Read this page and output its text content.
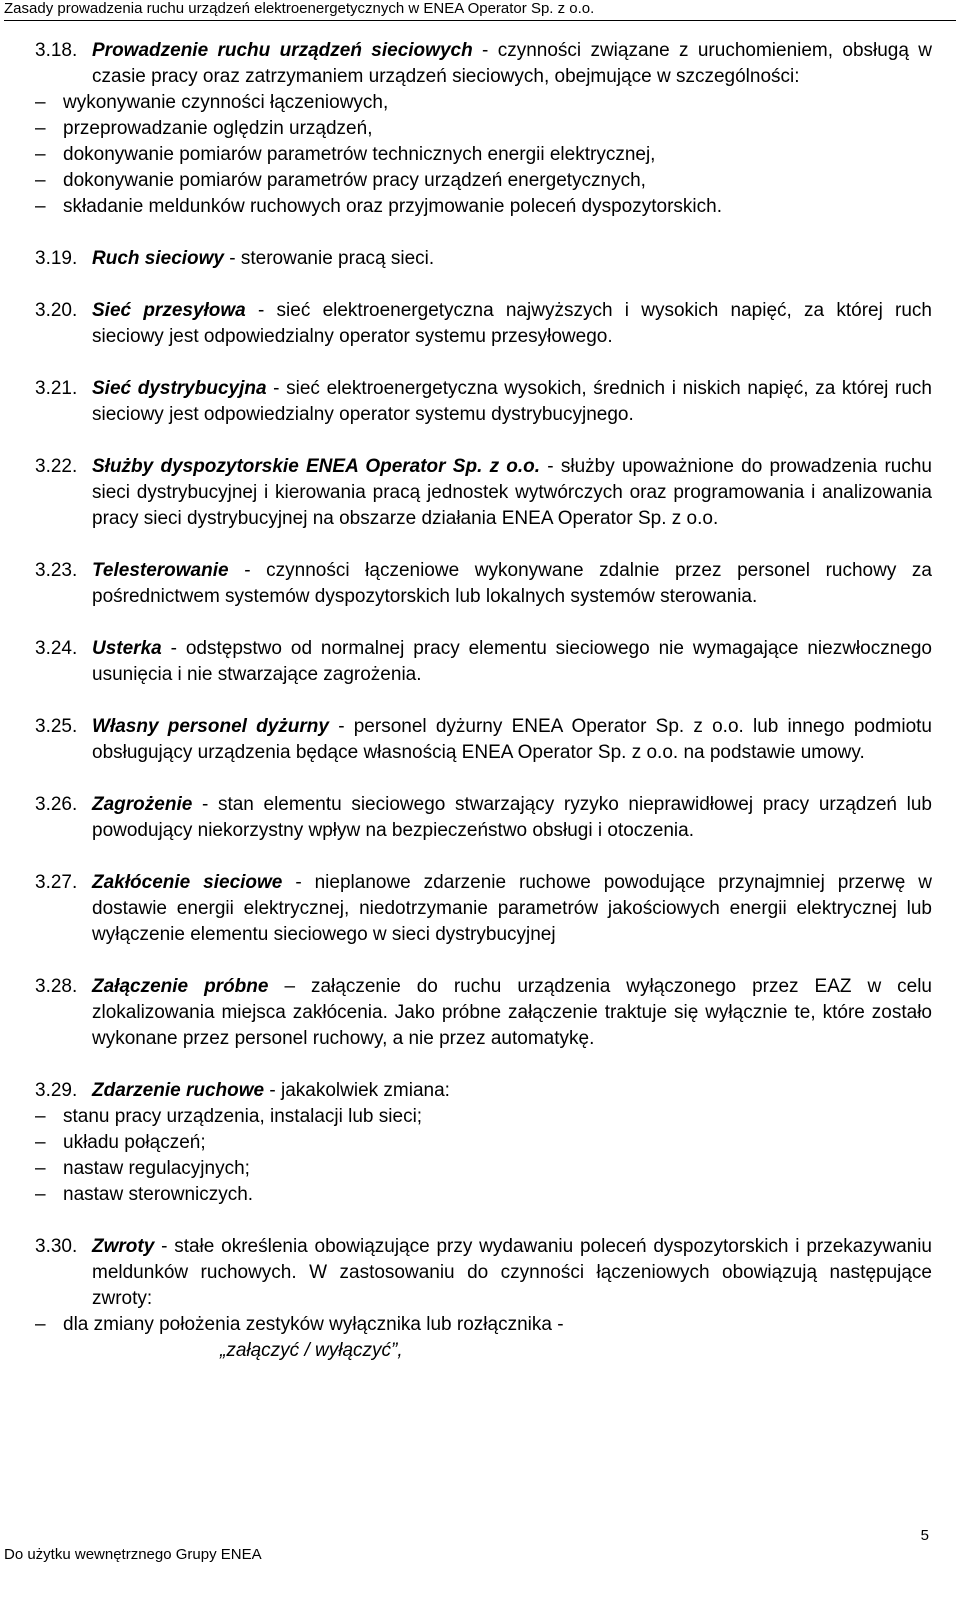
Zasady prowadzenia ruchu urządzeń elektroenergetycznych w ENEA Operator Sp. z o.o.
3.18. Prowadzenie ruchu urządzeń sieciowych - czynności związane z uruchomieniem, obsługą w czasie pracy oraz zatrzymaniem urządzeń sieciowych, obejmujące w szczególności:
– wykonywanie czynności łączeniowych,
– przeprowadzanie oględzin urządzeń,
– dokonywanie pomiarów parametrów technicznych energii elektrycznej,
– dokonywanie pomiarów parametrów pracy urządzeń energetycznych,
– składanie meldunków ruchowych oraz przyjmowanie poleceń dyspozytorskich.
3.19. Ruch sieciowy - sterowanie pracą sieci.
3.20. Sieć przesyłowa - sieć elektroenergetyczna najwyższych i wysokich napięć, za której ruch sieciowy jest odpowiedzialny operator systemu przesyłowego.
3.21. Sieć dystrybucyjna - sieć elektroenergetyczna wysokich, średnich i niskich napięć, za której ruch sieciowy jest odpowiedzialny operator systemu dystrybucyjnego.
3.22. Służby dyspozytorskie ENEA Operator Sp. z o.o. - służby upoważnione do prowadzenia ruchu sieci dystrybucyjnej i kierowania pracą jednostek wytwórczych oraz programowania i analizowania pracy sieci dystrybucyjnej na obszarze działania ENEA Operator Sp. z o.o.
3.23. Telesterowanie - czynności łączeniowe wykonywane zdalnie przez personel ruchowy za pośrednictwem systemów dyspozytorskich lub lokalnych systemów sterowania.
3.24. Usterka - odstępstwo od normalnej pracy elementu sieciowego nie wymagające niezwłocznego usunięcia i nie stwarzające zagrożenia.
3.25. Własny personel dyżurny - personel dyżurny ENEA Operator Sp. z o.o. lub innego podmiotu obsługujący urządzenia będące własnością ENEA Operator Sp. z o.o. na podstawie umowy.
3.26. Zagrożenie - stan elementu sieciowego stwarzający ryzyko nieprawidłowej pracy urządzeń lub powodujący niekorzystny wpływ na bezpieczeństwo obsługi i otoczenia.
3.27. Zakłócenie sieciowe - nieplanowe zdarzenie ruchowe powodujące przynajmniej przerwę w dostawie energii elektrycznej, niedotrzymanie parametrów jakościowych energii elektrycznej lub wyłączenie elementu sieciowego w sieci dystrybucyjnej
3.28. Załączenie próbne – załączenie do ruchu urządzenia wyłączonego przez EAZ w celu zlokalizowania miejsca zakłócenia. Jako próbne załączenie traktuje się wyłącznie te, które zostało wykonane przez personel ruchowy, a nie przez automatykę.
3.29. Zdarzenie ruchowe - jakakolwiek zmiana:
– stanu pracy urządzenia, instalacji lub sieci;
– układu połączeń;
– nastaw regulacyjnych;
– nastaw sterowniczych.
3.30. Zwroty - stałe określenia obowiązujące przy wydawaniu poleceń dyspozytorskich i przekazywaniu meldunków ruchowych. W zastosowaniu do czynności łączeniowych obowiązują następujące zwroty:
– dla zmiany położenia zestyków wyłącznika lub rozłącznika -
„załączyć / wyłączyć”,
5
Do użytku wewnętrznego Grupy ENEA
